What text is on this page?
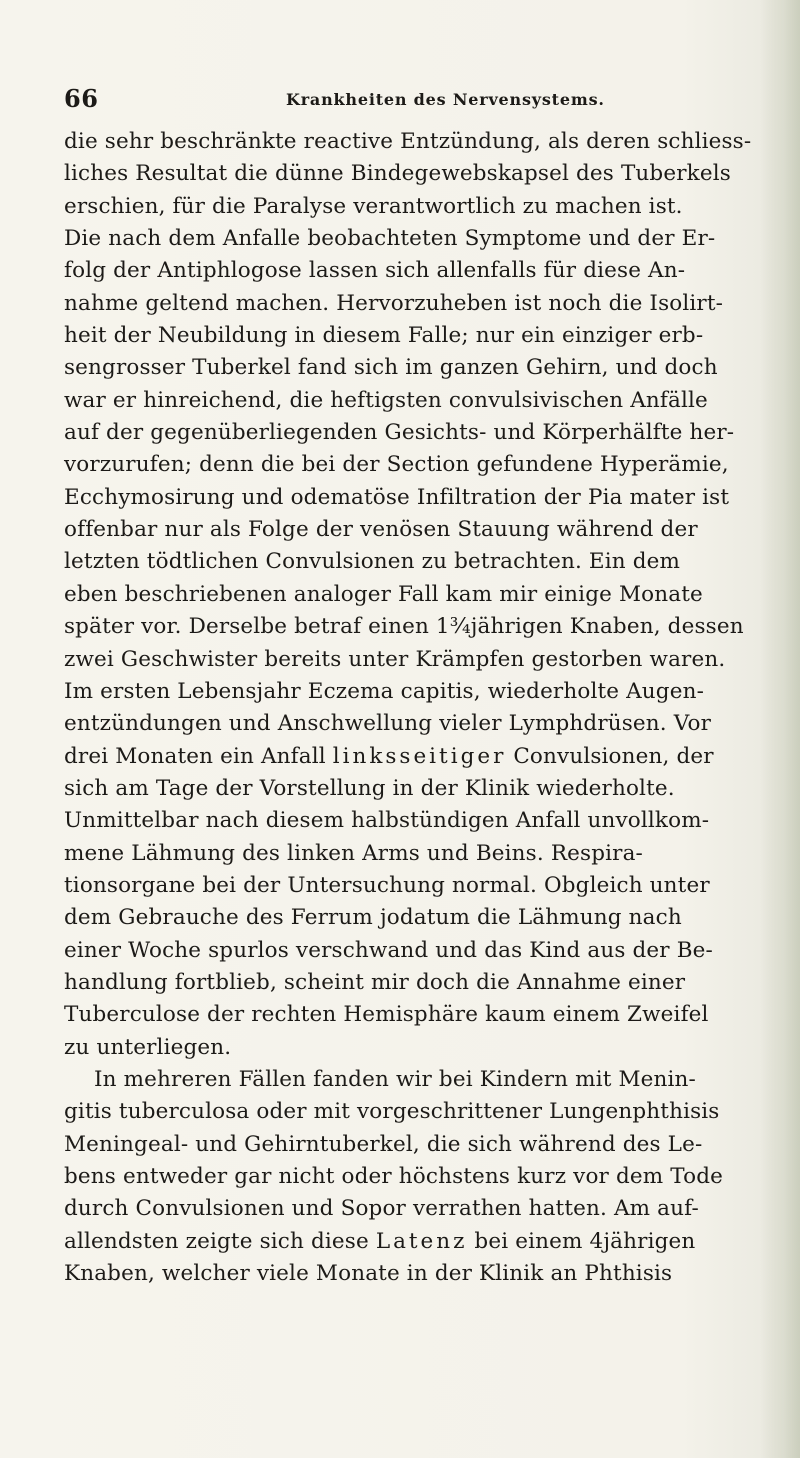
66	Krankheiten des Nervensystems.
die sehr beschränkte reactive Entzündung, als deren schliess-
liches Resultat die dünne Bindegewebskapsel des Tuberkels
erschien, für die Paralyse verantwortlich zu machen ist.
Die nach dem Anfalle beobachteten Symptome und der Er-
folg der Antiphlogose lassen sich allenfalls für diese An-
nahme geltend machen. Hervorzuheben ist noch die Isolirt-
heit der Neubildung in diesem Falle; nur ein einziger erb-
sengrosser Tuberkel fand sich im ganzen Gehirn, und doch
war er hinreichend, die heftigsten convulsivischen Anfälle
auf der gegenüberliegenden Gesichts- und Körperhälfte her-
vorzurufen; denn die bei der Section gefundene Hyperämie,
Ecchymosirung und odematöse Infiltration der Pia mater ist
offenbar nur als Folge der venösen Stauung während der
letzten tödtlichen Convulsionen zu betrachten. Ein dem
eben beschriebenen analoger Fall kam mir einige Monate
später vor. Derselbe betraf einen 1¾jährigen Knaben, dessen
zwei Geschwister bereits unter Krämpfen gestorben waren.
Im ersten Lebensjahr Eczema capitis, wiederholte Augen-
entzündungen und Anschwellung vieler Lymphdrüsen. Vor
drei Monaten ein Anfall linksseitiger Convulsionen, der
sich am Tage der Vorstellung in der Klinik wiederholte.
Unmittelbar nach diesem halbstündigen Anfall unvollkom-
mene Lähmung des linken Arms und Beins. Respira-
tionsorgane bei der Untersuchung normal. Obgleich unter
dem Gebrauche des Ferrum jodatum die Lähmung nach
einer Woche spurlos verschwand und das Kind aus der Be-
handlung fortblieb, scheint mir doch die Annahme einer
Tuberculose der rechten Hemisphäre kaum einem Zweifel
zu unterliegen.
In mehreren Fällen fanden wir bei Kindern mit Menin-
gitis tuberculosa oder mit vorgeschrittener Lungenphthisis
Meningeal- und Gehirntuberkel, die sich während des Le-
bens entweder gar nicht oder höchstens kurz vor dem Tode
durch Convulsionen und Sopor verrathen hatten. Am auf-
allendsten zeigte sich diese Latenz bei einem 4jährigen
Knaben, welcher viele Monate in der Klinik an Phthisis
